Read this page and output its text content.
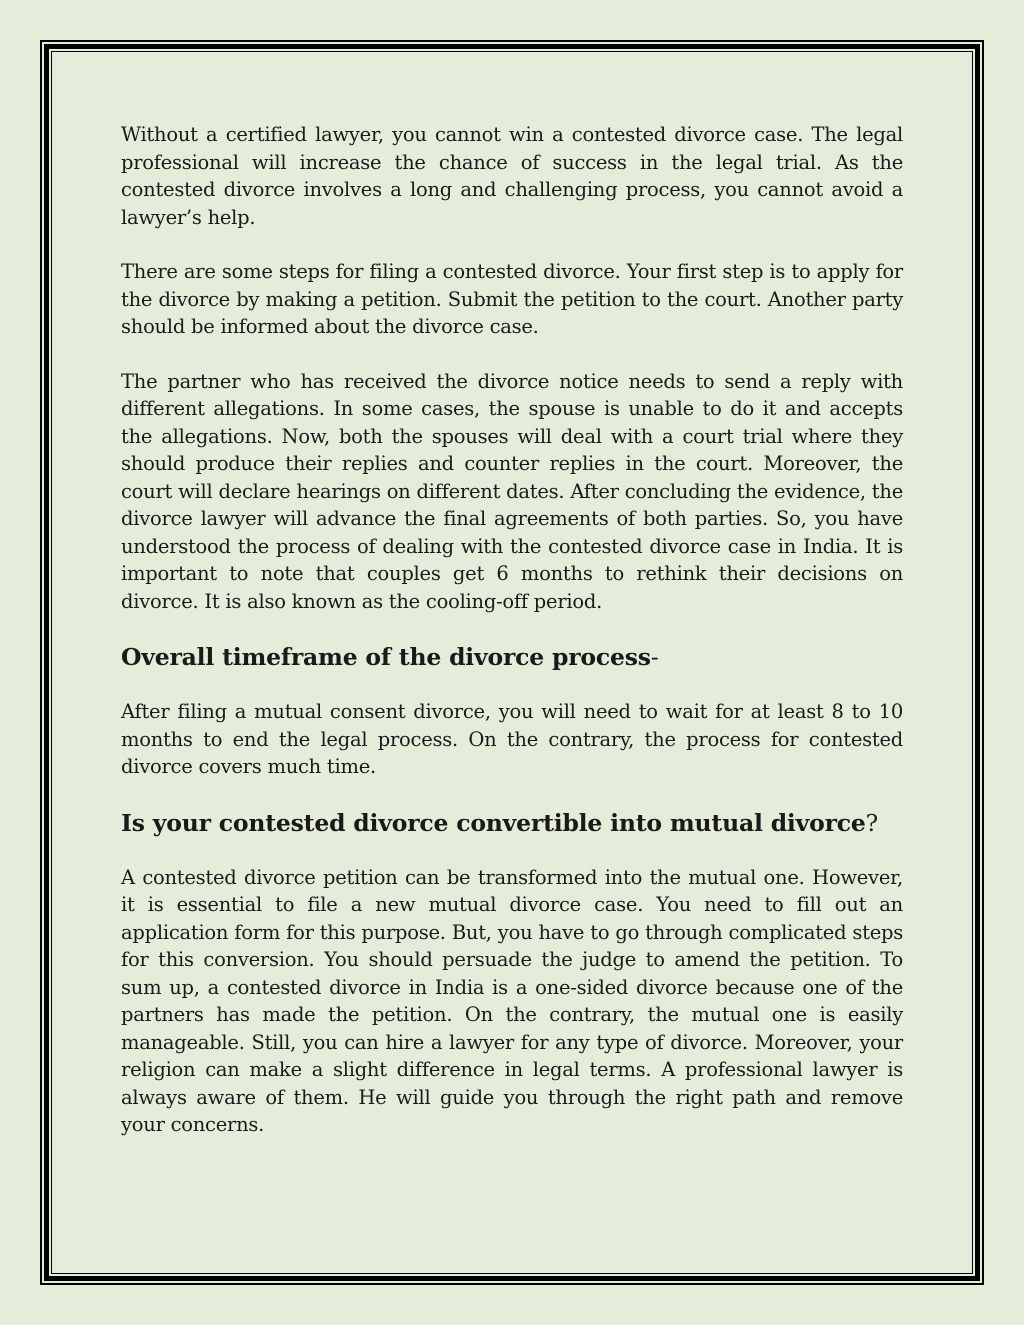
Without a certified lawyer, you cannot win a contested divorce case. The legal professional will increase the chance of success in the legal trial. As the contested divorce involves a long and challenging process, you cannot avoid a lawyer’s help.

There are some steps for filing a contested divorce. Your first step is to apply for the divorce by making a petition. Submit the petition to the court. Another party should be informed about the divorce case.

The partner who has received the divorce notice needs to send a reply with different allegations. In some cases, the spouse is unable to do it and accepts the allegations. Now, both the spouses will deal with a court trial where they should produce their replies and counter replies in the court. Moreover, the court will declare hearings on different dates. After concluding the evidence, the divorce lawyer will advance the final agreements of both parties. So, you have understood the process of dealing with the contested divorce case in India. It is important to note that couples get 6 months to rethink their decisions on divorce. It is also known as the cooling-off period.

Overall timeframe of the divorce process-

After filing a mutual consent divorce, you will need to wait for at least 8 to 10 months to end the legal process. On the contrary, the process for contested divorce covers much time.

Is your contested divorce convertible into mutual divorce?

A contested divorce petition can be transformed into the mutual one. However, it is essential to file a new mutual divorce case. You need to fill out an application form for this purpose. But, you have to go through complicated steps for this conversion. You should persuade the judge to amend the petition. To sum up, a contested divorce in India is a one-sided divorce because one of the partners has made the petition. On the contrary, the mutual one is easily manageable. Still, you can hire a lawyer for any type of divorce. Moreover, your religion can make a slight difference in legal terms. A professional lawyer is always aware of them. He will guide you through the right path and remove your concerns.
